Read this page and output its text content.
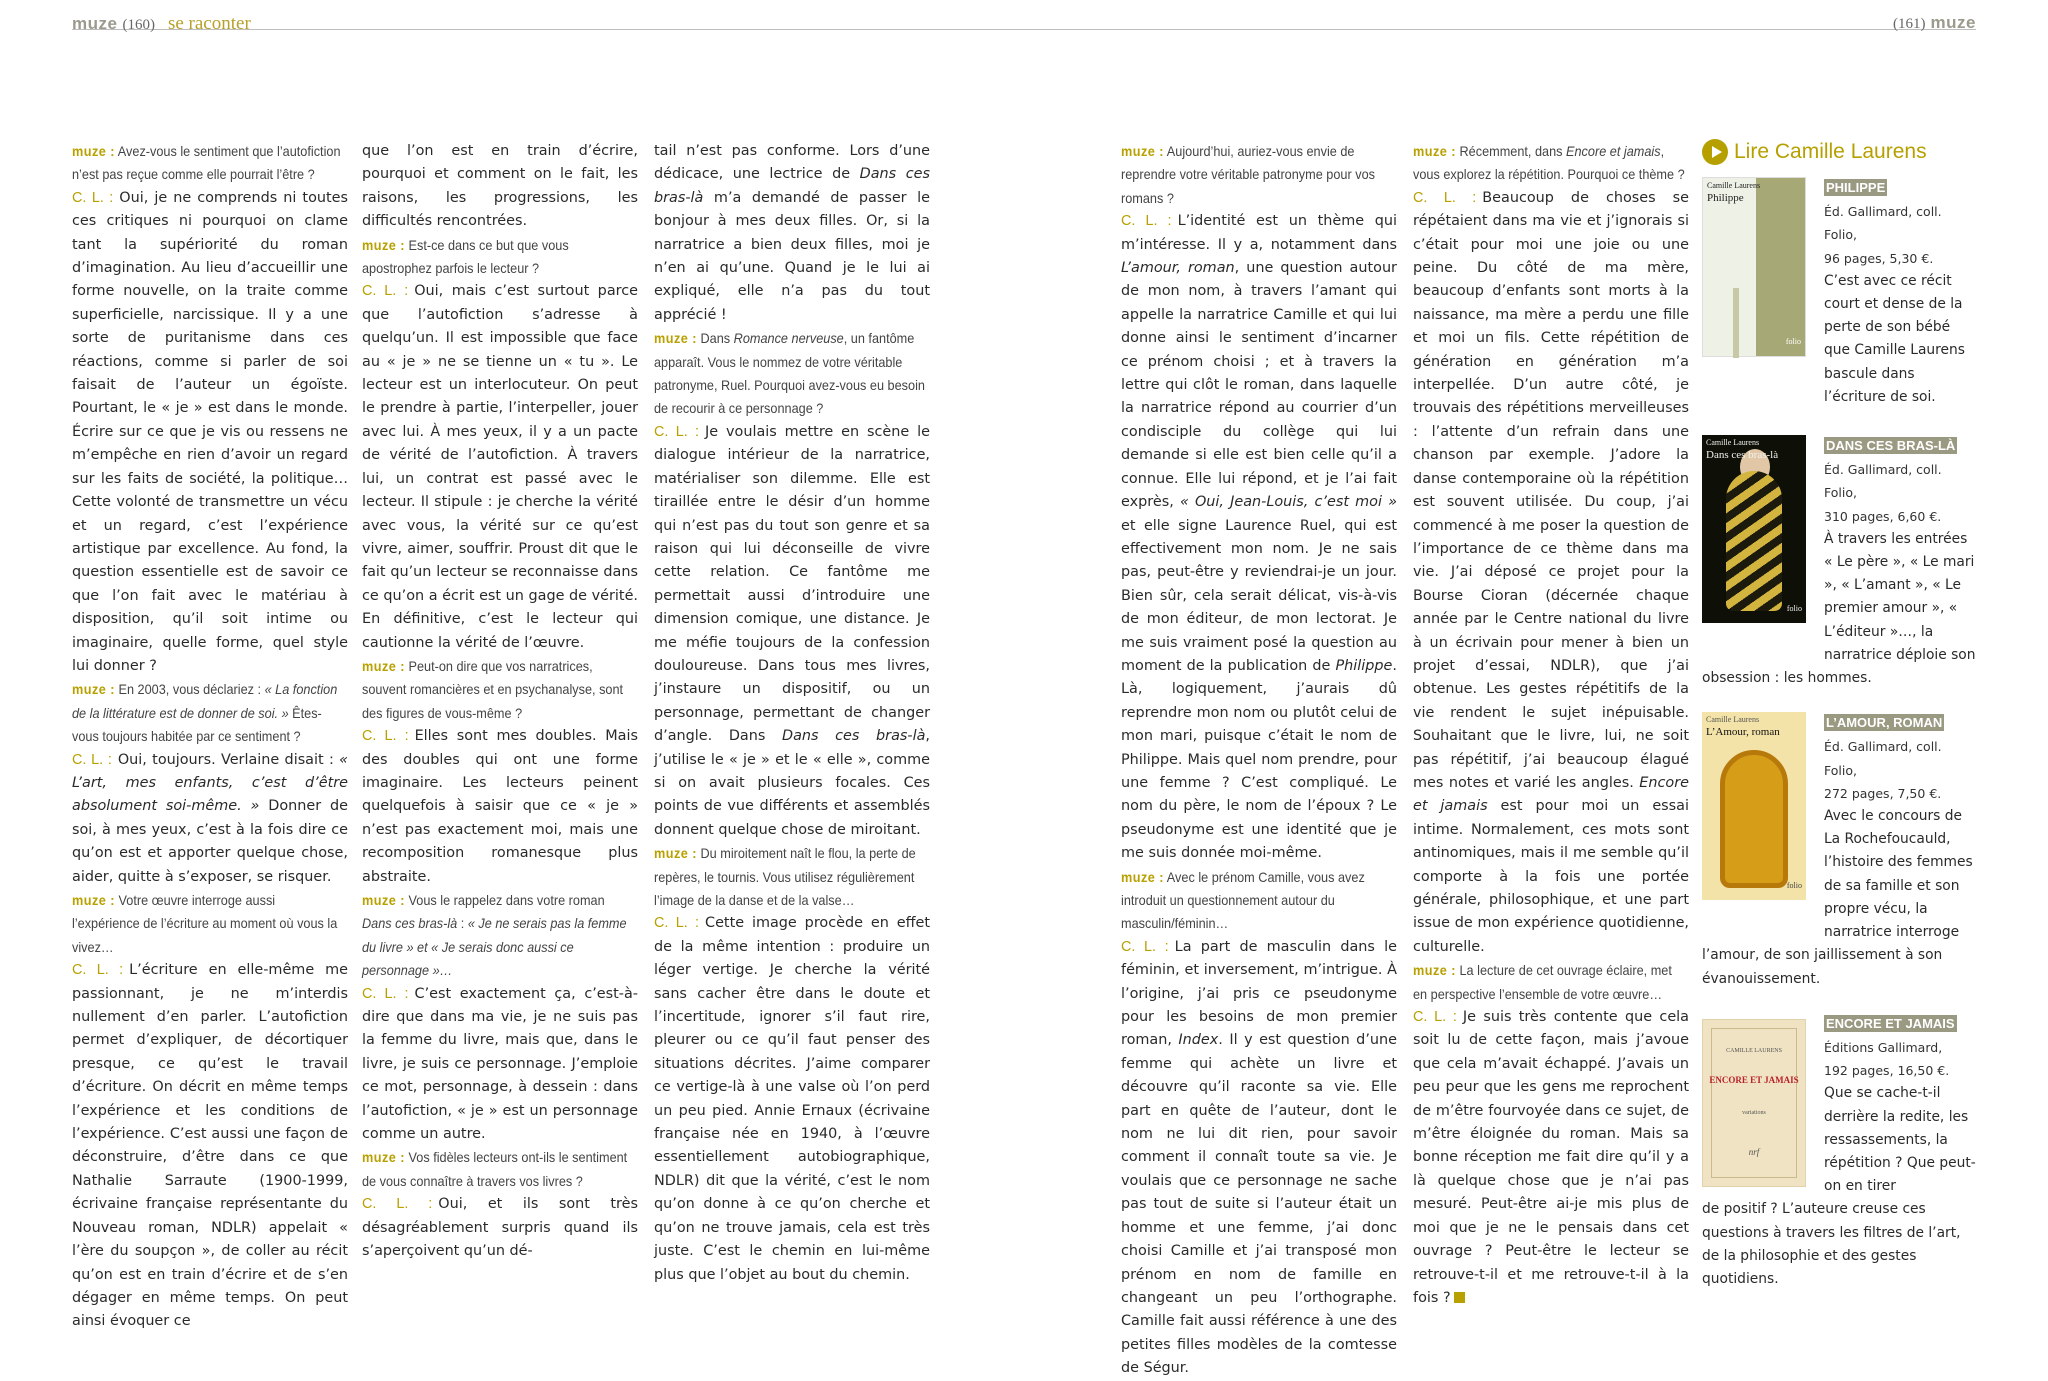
muze (160) se raconter	(161) muze

muze : Avez-vous le sentiment que l’autofiction n’est pas reçue comme elle pourrait l’être ?

C. L. : Oui, je ne comprends ni toutes ces critiques ni pourquoi on clame tant la supériorité du roman d’imagination. Au lieu d’accueillir une forme nouvelle, on la traite comme superficielle, narcissique. Il y a une sorte de puritanisme dans ces réactions, comme si parler de soi faisait de l’auteur un égoïste. Pourtant, le « je » est dans le monde. Écrire sur ce que je vis ou ressens ne m’empêche en rien d’avoir un regard sur les faits de société, la politique… Cette volonté de transmettre un vécu et un regard, c’est l’expérience artistique par excellence. Au fond, la question essentielle est de savoir ce que l’on fait avec le matériau à disposition, qu’il soit intime ou imaginaire, quelle forme, quel style lui donner ?

muze : En 2003, vous déclariez : « La fonction de la littérature est de donner de soi. » Êtes-vous toujours habitée par ce sentiment ?

C. L. : Oui, toujours. Verlaine disait : « L’art, mes enfants, c’est d’être absolument soi-même. » Donner de soi, à mes yeux, c’est à la fois dire ce qu’on est et apporter quelque chose, aider, quitte à s’exposer, se risquer.

muze : Votre œuvre interroge aussi l’expérience de l’écriture au moment où vous la vivez…

C. L. : L’écriture en elle-même me passionnant, je ne m’interdis nullement d’en parler. L’autofiction permet d’expliquer, de décortiquer presque, ce qu’est le travail d’écriture. On décrit en même temps l’expérience et les conditions de l’expérience. C’est aussi une façon de déconstruire, d’être dans ce que Nathalie Sarraute (1900-1999, écrivaine française représentante du Nouveau roman, NDLR) appelait « l’ère du soupçon », de coller au récit qu’on est en train d’écrire et de s’en dégager en même temps. On peut ainsi évoquer ce

que l’on est en train d’écrire, pourquoi et comment on le fait, les raisons, les progressions, les difficultés rencontrées.

muze : Est-ce dans ce but que vous apostrophez parfois le lecteur ?

C. L. : Oui, mais c’est surtout parce que l’autofiction s’adresse à quelqu’un. Il est impossible que face au « je » ne se tienne un « tu ». Le lecteur est un interlocuteur. On peut le prendre à partie, l’interpeller, jouer avec lui. À mes yeux, il y a un pacte de vérité de l’autofiction. À travers lui, un contrat est passé avec le lecteur. Il stipule : je cherche la vérité avec vous, la vérité sur ce qu’est vivre, aimer, souffrir. Proust dit que le fait qu’un lecteur se reconnaisse dans ce qu’on a écrit est un gage de vérité. En définitive, c’est le lecteur qui cautionne la vérité de l’œuvre.

muze : Peut-on dire que vos narratrices, souvent romancières et en psychanalyse, sont des figures de vous-même ?

C. L. : Elles sont mes doubles. Mais des doubles qui ont une forme imaginaire. Les lecteurs peinent quelquefois à saisir que ce « je » n’est pas exactement moi, mais une recomposition romanesque plus abstraite.

muze : Vous le rappelez dans votre roman Dans ces bras-là : « Je ne serais pas la femme du livre » et « Je serais donc aussi ce personnage »…

C. L. : C’est exactement ça, c’est-à-dire que dans ma vie, je ne suis pas la femme du livre, mais que, dans le livre, je suis ce personnage. J’emploie ce mot, personnage, à dessein : dans l’autofiction, « je » est un personnage comme un autre.

muze : Vos fidèles lecteurs ont-ils le sentiment de vous connaître à travers vos livres ?

C. L. : Oui, et ils sont très désagréablement surpris quand ils s’aperçoivent qu’un dé-

tail n’est pas conforme. Lors d’une dédicace, une lectrice de Dans ces bras-là m’a demandé de passer le bonjour à mes deux filles. Or, si la narratrice a bien deux filles, moi je n’en ai qu’une. Quand je le lui ai expliqué, elle n’a pas du tout apprécié !

muze : Dans Romance nerveuse, un fantôme apparaît. Vous le nommez de votre véritable patronyme, Ruel. Pourquoi avez-vous eu besoin de recourir à ce personnage ?

C. L. : Je voulais mettre en scène le dialogue intérieur de la narratrice, matérialiser son dilemme. Elle est tiraillée entre le désir d’un homme qui n’est pas du tout son genre et sa raison qui lui déconseille de vivre cette relation. Ce fantôme me permettait aussi d’introduire une dimension comique, une distance. Je me méfie toujours de la confession douloureuse. Dans tous mes livres, j’instaure un dispositif, ou un personnage, permettant de changer d’angle. Dans Dans ces bras-là, j’utilise le « je » et le « elle », comme si on avait plusieurs focales. Ces points de vue différents et assemblés donnent quelque chose de miroitant.

muze : Du miroitement naît le flou, la perte de repères, le tournis. Vous utilisez régulièrement l’image de la danse et de la valse…

C. L. : Cette image procède en effet de la même intention : produire un léger vertige. Je cherche la vérité sans cacher être dans le doute et l’incertitude, ignorer s’il faut rire, pleurer ou ce qu’il faut penser des situations décrites. J’aime comparer ce vertige-là à une valse où l’on perd un peu pied. Annie Ernaux (écrivaine française née en 1940, à l’œuvre essentiellement autobiographique, NDLR) dit que la vérité, c’est le nom qu’on donne à ce qu’on cherche et qu’on ne trouve jamais, cela est très juste. C’est le chemin en lui-même plus que l’objet au bout du chemin.

muze : Aujourd’hui, auriez-vous envie de reprendre votre véritable patronyme pour vos romans ?

C. L. : L’identité est un thème qui m’intéresse. Il y a, notamment dans L’amour, roman, une question autour de mon nom, à travers l’amant qui appelle la narratrice Camille et qui lui donne ainsi le sentiment d’incarner ce prénom choisi ; et à travers la lettre qui clôt le roman, dans laquelle la narratrice répond au courrier d’un condisciple du collège qui lui demande si elle est bien celle qu’il a connue. Elle lui répond, et je l’ai fait exprès, « Oui, Jean-Louis, c’est moi » et elle signe Laurence Ruel, qui est effectivement mon nom. Je ne sais pas, peut-être y reviendrai-je un jour. Bien sûr, cela serait délicat, vis-à-vis de mon éditeur, de mon lectorat. Je me suis vraiment posé la question au moment de la publication de Philippe. Là, logiquement, j’aurais dû reprendre mon nom ou plutôt celui de mon mari, puisque c’était le nom de Philippe. Mais quel nom prendre, pour une femme ? C’est compliqué. Le nom du père, le nom de l’époux ? Le pseudonyme est une identité que je me suis donnée moi-même.

muze : Avec le prénom Camille, vous avez introduit un questionnement autour du masculin/féminin…

C. L. : La part de masculin dans le féminin, et inversement, m’intrigue. À l’origine, j’ai pris ce pseudonyme pour les besoins de mon premier roman, Index. Il y est question d’une femme qui achète un livre et découvre qu’il raconte sa vie. Elle part en quête de l’auteur, dont le nom ne lui dit rien, pour savoir comment il connaît toute sa vie. Je voulais que ce personnage ne sache pas tout de suite si l’auteur était un homme et une femme, j’ai donc choisi Camille et j’ai transposé mon prénom en nom de famille en changeant un peu l’orthographe. Camille fait aussi référence à une des petites filles modèles de la comtesse de Ségur.

muze : Récemment, dans Encore et jamais, vous explorez la répétition. Pourquoi ce thème ?

C. L. : Beaucoup de choses se répétaient dans ma vie et j’ignorais si c’était pour moi une joie ou une peine. Du côté de ma mère, beaucoup d’enfants sont morts à la naissance, ma mère a perdu une fille et moi un fils. Cette répétition de génération en génération m’a interpellée. D’un autre côté, je trouvais des répétitions merveilleuses : l’attente d’un refrain dans une chanson par exemple. J’adore la danse contemporaine où la répétition est souvent utilisée. Du coup, j’ai commencé à me poser la question de l’importance de ce thème dans ma vie. J’ai déposé ce projet pour la Bourse Cioran (décernée chaque année par le Centre national du livre à un écrivain pour mener à bien un projet d’essai, NDLR), que j’ai obtenue. Les gestes répétitifs de la vie rendent le sujet inépuisable. Souhaitant que le livre, lui, ne soit pas répétitif, j’ai beaucoup élagué mes notes et varié les angles. Encore et jamais est pour moi un essai intime. Normalement, ces mots sont antinomiques, mais il me semble qu’il comporte à la fois une portée générale, philosophique, et une part issue de mon expérience quotidienne, culturelle.

muze : La lecture de cet ouvrage éclaire, met en perspective l’ensemble de votre œuvre…

C. L. : Je suis très contente que cela soit lu de cette façon, mais j’avoue que cela m’avait échappé. J’avais un peu peur que les gens me reprochent de m’être fourvoyée dans ce sujet, de m’être éloignée du roman. Mais sa bonne réception me fait dire qu’il y a là quelque chose que je n’ai pas mesuré. Peut-être ai-je mis plus de moi que je ne le pensais dans cet ouvrage ? Peut-être le lecteur se retrouve-t-il et me retrouve-t-il à la fois ?

Lire Camille Laurens
Camille Laurens
Philippe
folio
PHILIPPE
Éd. Gallimard, coll. Folio,
96 pages, 5,30 €.
C’est avec ce récit court et dense de la perte de son bébé que Camille Laurens bascule dans l’écriture de soi.
Camille Laurens
Dans ces bras-là
folio
DANS CES BRAS-LÀ
Éd. Gallimard, coll. Folio,
310 pages, 6,60 €.
À travers les entrées « Le père », « Le mari », « L’amant », « Le premier amour », « L’éditeur »…, la narratrice déploie son
obsession : les hommes.
Camille Laurens
L’Amour, roman
folio
L’AMOUR, ROMAN
Éd. Gallimard, coll. Folio,
272 pages, 7,50 €.
Avec le concours de La Rochefoucauld, l’histoire des femmes de sa famille et son propre vécu, la narratrice interroge
l’amour, de son jaillissement à son évanouissement.
CAMILLE LAURENS
ENCORE ET JAMAIS
nrf
variations
ENCORE ET JAMAIS
Éditions Gallimard,
192 pages, 16,50 €.
Que se cache-t-il derrière la redite, les ressassements, la répétition ? Que peut-on en tirer
de positif ? L’auteure creuse ces questions à travers les filtres de l’art, de la philosophie et des gestes quotidiens.
